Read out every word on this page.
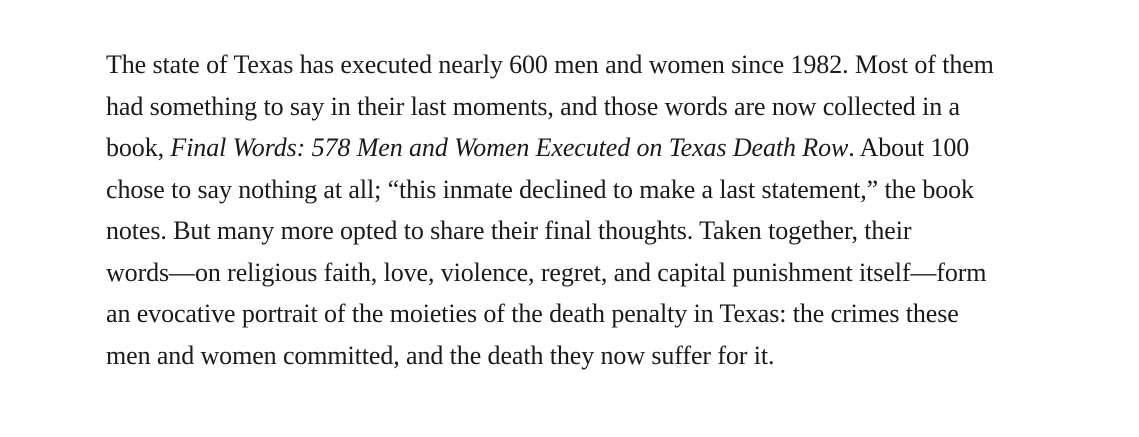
The state of Texas has executed nearly 600 men and women since 1982. Most of them
had something to say in their last moments, and those words are now collected in a
book, Final Words: 578 Men and Women Executed on Texas Death Row. About 100
chose to say nothing at all; “this inmate declined to make a last statement,” the book
notes. But many more opted to share their final thoughts. Taken together, their
words—on religious faith, love, violence, regret, and capital punishment itself—form
an evocative portrait of the moieties of the death penalty in Texas: the crimes these
men and women committed, and the death they now suffer for it.
